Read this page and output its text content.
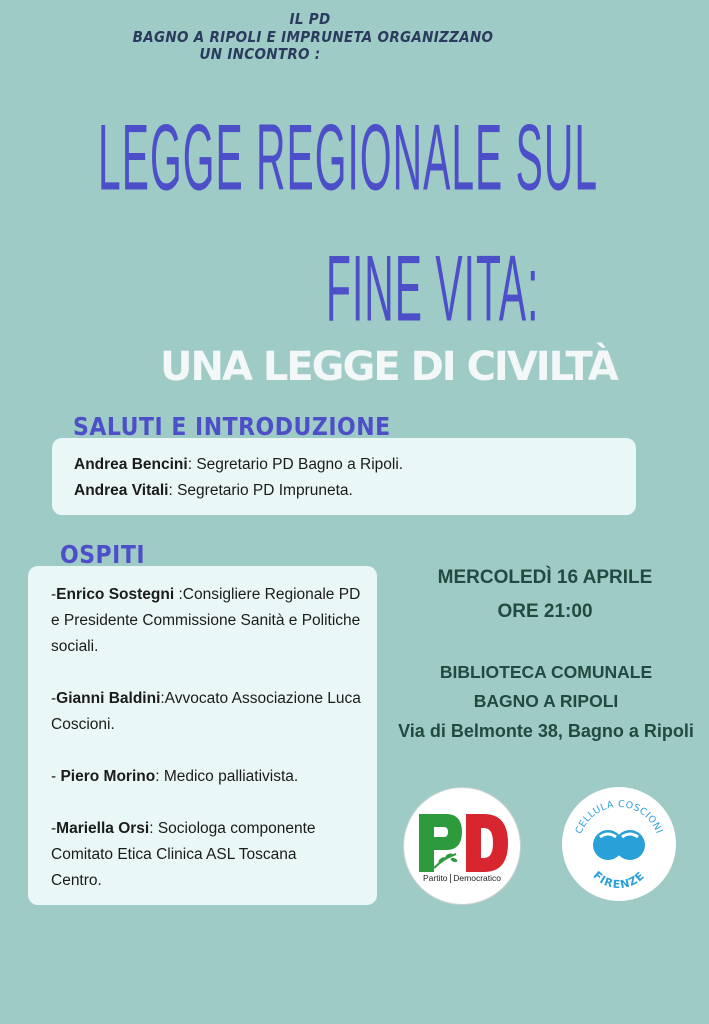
IL PD
BAGNO A RIPOLI E IMPRUNETA ORGANIZZANO
UN INCONTRO :
LEGGE REGIONALE SUL
FINE VITA:
UNA LEGGE DI CIVILTÀ
Andrea Bencini: Segretario PD Bagno a Ripoli.
Andrea Vitali: Segretario PD Impruneta.
SALUTI E INTRODUZIONE
-Enrico Sostegni :Consigliere Regionale PD e Presidente Commissione Sanità e Politiche sociali.
-Gianni Baldini:Avvocato Associazione Luca Coscioni.
- Piero Morino: Medico palliativista.
-Mariella Orsi: Sociologa componente Comitato Etica Clinica ASL Toscana Centro.
OSPITI
MERCOLEDÌ 16 APRILE
ORE 21:00
BIBLIOTECA COMUNALE
BAGNO A RIPOLI
Via di Belmonte 38, Bagno a Ripoli
Partito Democratico
CELLULA COSCIONI
FIRENZE
